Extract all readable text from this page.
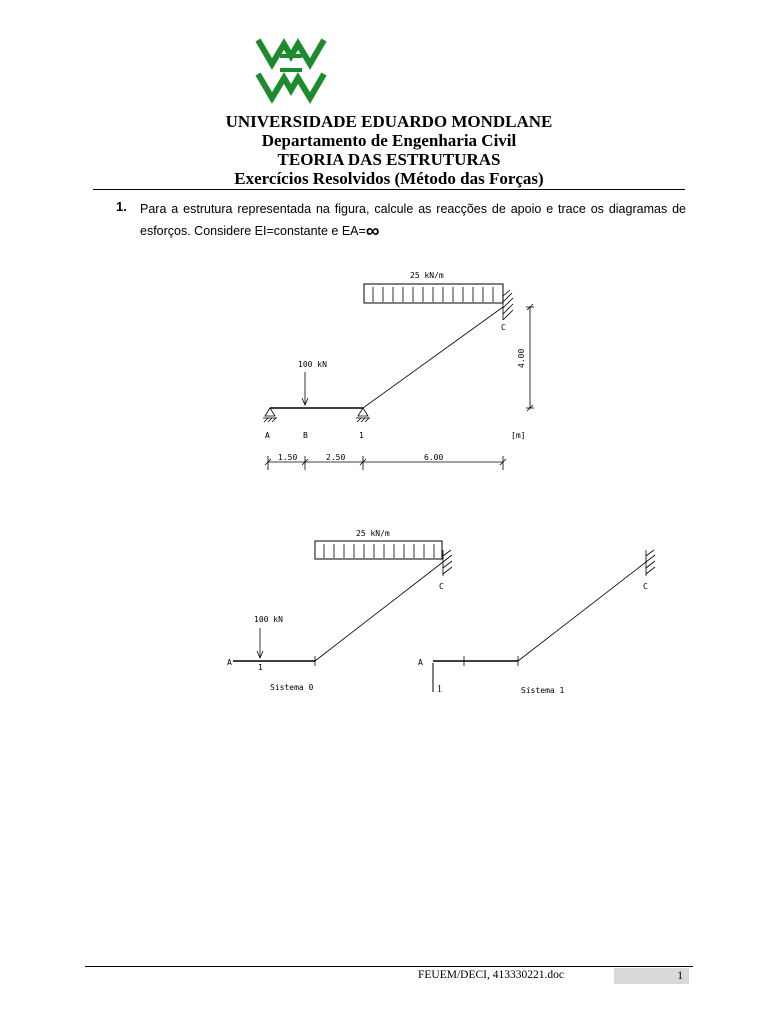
UNIVERSIDADE EDUARDO MONDLANE
Departamento de Engenharia Civil
TEORIA DAS ESTRUTURAS
Exercícios Resolvidos (Método das Forças)
1. Para a estrutura representada na figura, calcule as reacções de apoio e trace os diagramas de esforços. Considere EI=constante e EA=∞
25 kN/m
C
100 kN
A	B	1	[m]
4.00
1.50	2.50	6.00
25 kN/m
C
100 kN
A
1
Sistema 0
C
A
1	Sistema 1
FEUEM/DECI, 413330221.doc	1
